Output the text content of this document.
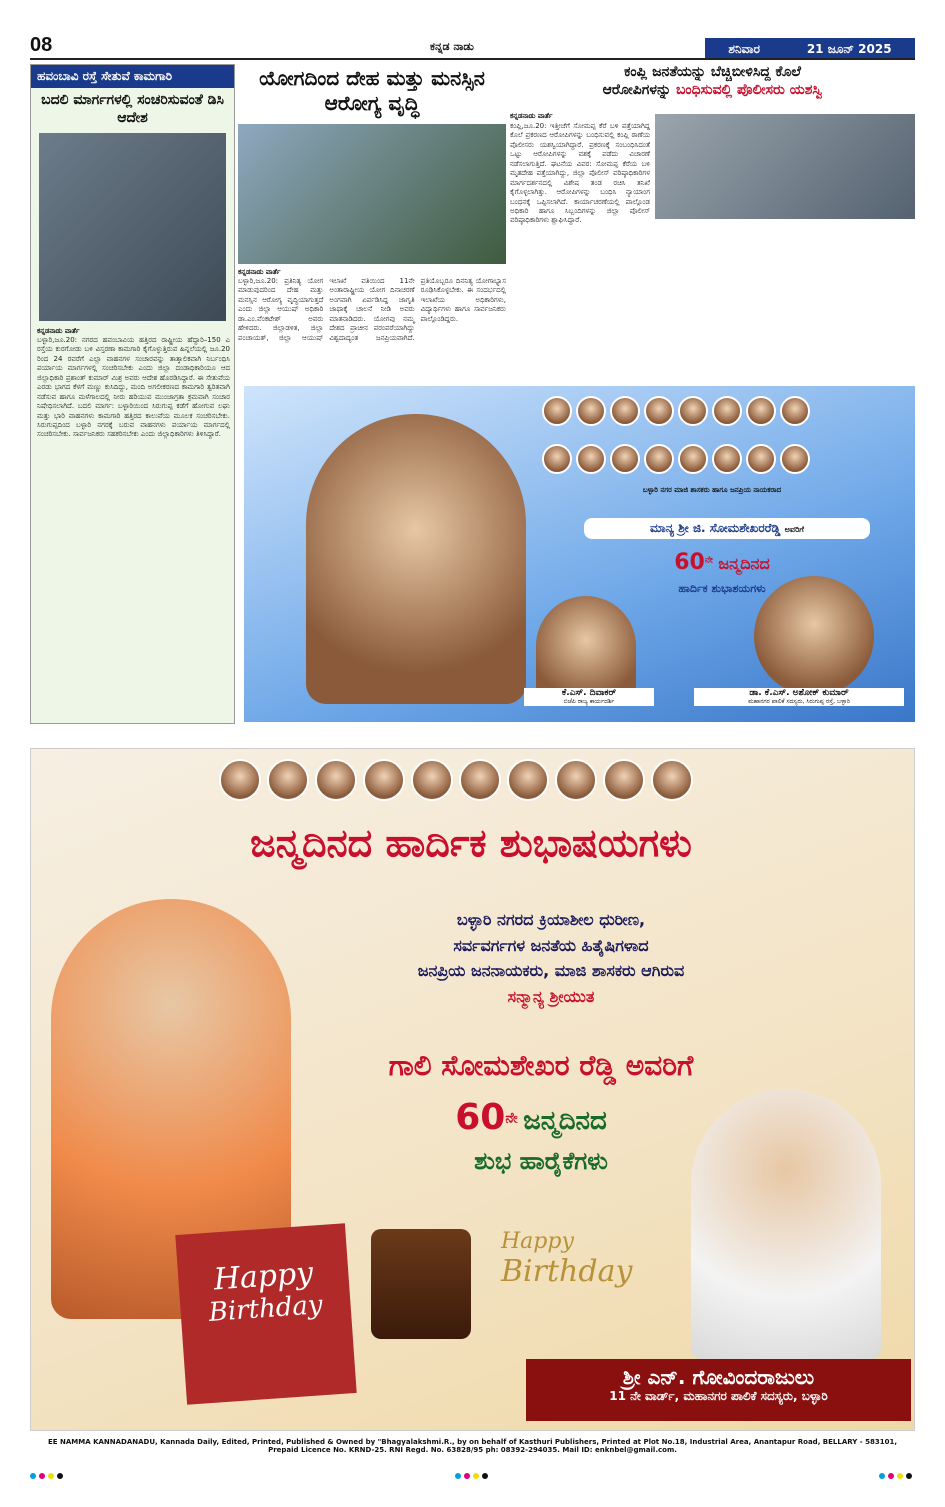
08	ಕನ್ನಡ ನಾಡು	ಶನಿವಾರ	21 ಜೂನ್ 2025
ಹವಂಬಾವಿ ರಸ್ತೆ ಸೇತುವೆ ಕಾಮಗಾರಿ
ಬದಲಿ ಮಾರ್ಗಗಳಲ್ಲಿ ಸಂಚರಿಸುವಂತೆ ಡಿಸಿ ಆದೇಶ
ಕನ್ನಡನಾಡು ವಾರ್ತೆ
ಬಳ್ಳಾರಿ,ಜೂ.20: ನಗರದ ಹವಂಬಾವಿಯ ಹತ್ತಿರದ ರಾಷ್ಟ್ರೀಯ ಹೆದ್ದಾರಿ–150 ಎ ರಸ್ತೆಯ ಕುರಗೋಡು ಬಳಿ ವಿಸ್ತರಣಾ ಕಾಮಗಾರಿ ಕೈಗೊಳ್ಳುತ್ತಿರುವ ಹಿನ್ನಲೆಯಲ್ಲಿ ಜೂ.20 ರಿಂದ 24 ರವರೆಗೆ ಎಲ್ಲಾ ವಾಹನಗಳ ಸಂಚಾರವನ್ನು ತಾತ್ಕಾಲಿಕವಾಗಿ ನಿರ್ಬಂಧಿಸಿ ಪರ್ಯಾಯ ಮಾರ್ಗಗಳಲ್ಲಿ ಸಂಚರಿಸಬೇಕು ಎಂದು ಜಿಲ್ಲಾ ದಂಡಾಧಿಕಾರಿಯೂ ಆದ ಜಿಲ್ಲಾಧಿಕಾರಿ ಪ್ರಶಾಂತ್ ಕುಮಾರ್ ಮಿಶ್ರ ಅವರು ಆದೇಶ ಹೊರಡಿಸಿದ್ದಾರೆ. ಈ ಸೇತುವೆಯ ಎರಡು ಭಾಗದ ಕೆಳಗೆ ಮಣ್ಣು ಕುಸಿದಿದ್ದು, ಮಂದಿ ಅಗಲೀಕರಣದ ಕಾಮಗಾರಿ ತ್ವರಿತವಾಗಿ ನಡೆಸುವ ಹಾಗೂ ಮಳೆಗಾಲದಲ್ಲಿ ನೀರು ಹರಿಯುವ ಮುಂಜಾಗ್ರತಾ ಕ್ರಮವಾಗಿ ಸಂಚಾರ ನಿಷೇಧಿಸಲಾಗಿದೆ. ಬದಲಿ ಮಾರ್ಗ: ಬಳ್ಳಾರಿಯಿಂದ ಸಿರುಗುಪ್ಪ ಕಡೆಗೆ ಹೋಗುವ ಲಘು ಮತ್ತು ಭಾರಿ ವಾಹನಗಳು ಕಾಮಗಾರಿ ಹತ್ತಿರದ ಕಾಲುವೆಯ ಮೂಲಕ ಸಂಚರಿಸಬೇಕು. ಸಿರುಗುಪ್ಪದಿಂದ ಬಳ್ಳಾರಿ ನಗರಕ್ಕೆ ಬರುವ ವಾಹನಗಳು ಪರ್ಯಾಯ ಮಾರ್ಗದಲ್ಲಿ ಸಂಚರಿಸಬೇಕು. ಸಾರ್ವಜನಿಕರು ಸಹಕರಿಸಬೇಕು ಎಂದು ಜಿಲ್ಲಾಧಿಕಾರಿಗಳು ತಿಳಿಸಿದ್ದಾರೆ.
ಯೋಗದಿಂದ ದೇಹ ಮತ್ತು ಮನಸ್ಸಿನ ಆರೋಗ್ಯ ವೃದ್ಧಿ
ಕನ್ನಡನಾಡು ವಾರ್ತೆ
ಬಳ್ಳಾರಿ,ಜೂ.20: ಪ್ರತಿನಿತ್ಯ ಯೋಗ ಮಾಡುವುದರಿಂದ ದೇಹ ಮತ್ತು ಮನಸ್ಸಿನ ಆರೋಗ್ಯ ವೃದ್ಧಿಯಾಗುತ್ತದೆ ಎಂದು ಜಿಲ್ಲಾ ಆಯುಷ್ ಅಧಿಕಾರಿ ಡಾ.ಎಂ.ವೆಂಕಟೇಶ್ ಅವರು ಹೇಳಿದರು. ಜಿಲ್ಲಾಡಳಿತ, ಜಿಲ್ಲಾ ಪಂಚಾಯತ್, ಜಿಲ್ಲಾ ಆಯುಷ್ ಇಲಾಖೆ ವತಿಯಿಂದ 11ನೇ ಅಂತಾರಾಷ್ಟ್ರೀಯ ಯೋಗ ದಿನಾಚರಣೆ ಅಂಗವಾಗಿ ಏರ್ಪಡಿಸಿದ್ದ ಜಾಗೃತಿ ಜಾಥಾಕ್ಕೆ ಚಾಲನೆ ನೀಡಿ ಅವರು ಮಾತನಾಡಿದರು. ಯೋಗವು ನಮ್ಮ ದೇಶದ ಪ್ರಾಚೀನ ಪರಂಪರೆಯಾಗಿದ್ದು ವಿಶ್ವದಾದ್ಯಂತ ಜನಪ್ರಿಯವಾಗಿದೆ. ಪ್ರತಿಯೊಬ್ಬರೂ ದಿನನಿತ್ಯ ಯೋಗಾಭ್ಯಾಸ ರೂಢಿಸಿಕೊಳ್ಳಬೇಕು. ಈ ಸಂದರ್ಭದಲ್ಲಿ ಇಲಾಖೆಯ ಅಧಿಕಾರಿಗಳು, ವಿದ್ಯಾರ್ಥಿಗಳು ಹಾಗೂ ಸಾರ್ವಜನಿಕರು ಪಾಲ್ಗೊಂಡಿದ್ದರು.
ಕಂಪ್ಲಿ ಜನತೆಯನ್ನು ಬೆಚ್ಚಿಬೀಳಿಸಿದ್ದ ಕೊಲೆ
ಆರೋಪಿಗಳನ್ನು ಬಂಧಿಸುವಲ್ಲಿ ಪೊಲೀಸರು ಯಶಸ್ವಿ
ಕನ್ನಡನಾಡು ವಾರ್ತೆ
ಕಂಪ್ಲಿ,ಜೂ.20: ಇತ್ತೀಚೆಗೆ ಸೋಮಪ್ಪ ಕೆರೆ ಬಳಿ ಪತ್ತೆಯಾಗಿದ್ದ ಕೊಲೆ ಪ್ರಕರಣದ ಆರೋಪಿಗಳನ್ನು ಬಂಧಿಸುವಲ್ಲಿ ಕಂಪ್ಲಿ ಠಾಣೆಯ ಪೊಲೀಸರು ಯಶಸ್ವಿಯಾಗಿದ್ದಾರೆ. ಪ್ರಕರಣಕ್ಕೆ ಸಂಬಂಧಿಸಿದಂತೆ ಒಟ್ಟು ಆರೋಪಿಗಳನ್ನು ವಶಕ್ಕೆ ಪಡೆದು ವಿಚಾರಣೆ ನಡೆಸಲಾಗುತ್ತಿದೆ. ಘಟನೆಯ ವಿವರ: ಸೋಮಪ್ಪ ಕೆರೆಯ ಬಳಿ ಮೃತದೇಹ ಪತ್ತೆಯಾಗಿದ್ದು, ಜಿಲ್ಲಾ ಪೊಲೀಸ್ ವರಿಷ್ಠಾಧಿಕಾರಿಗಳ ಮಾರ್ಗದರ್ಶನದಲ್ಲಿ ವಿಶೇಷ ತಂಡ ರಚಿಸಿ ತನಿಖೆ ಕೈಗೊಳ್ಳಲಾಗಿತ್ತು. ಆರೋಪಿಗಳನ್ನು ಬಂಧಿಸಿ ನ್ಯಾಯಾಂಗ ಬಂಧನಕ್ಕೆ ಒಪ್ಪಿಸಲಾಗಿದೆ. ಕಾರ್ಯಾಚರಣೆಯಲ್ಲಿ ಪಾಲ್ಗೊಂಡ ಅಧಿಕಾರಿ ಹಾಗೂ ಸಿಬ್ಬಂದಿಗಳನ್ನು ಜಿಲ್ಲಾ ಪೊಲೀಸ್ ವರಿಷ್ಠಾಧಿಕಾರಿಗಳು ಶ್ಲಾಘಿಸಿದ್ದಾರೆ.
ಬಳ್ಳಾರಿ ನಗರ ಮಾಜಿ ಶಾಸಕರು ಹಾಗೂ ಜನಪ್ರಿಯ ನಾಯಕರಾದ
ಮಾನ್ಯ ಶ್ರೀ ಜಿ. ಸೋಮಶೇಖರರೆಡ್ಡಿ ಅವರಿಗೆ
$60^{ನೇ}$ ಜನ್ಮದಿನದ
ಹಾರ್ದಿಕ ಶುಭಾಶಯಗಳು
ಕೆ.ಎಸ್. ದಿವಾಕರ್
ಬಿಜೆಪಿ ರಾಜ್ಯ ಕಾರ್ಯದರ್ಶಿ
ಡಾ. ಕೆ.ಎಸ್. ಅಶೋಕ್ ಕುಮಾರ್
ಮಹಾನಗರ ಪಾಲಿಕೆ ಸದಸ್ಯರು, ಸಿರುಗುಪ್ಪ ರಸ್ತೆ, ಬಳ್ಳಾರಿ
ಜನ್ಮದಿನದ ಹಾರ್ದಿಕ ಶುಭಾಷಯಗಳು
ಬಳ್ಳಾರಿ ನಗರದ ಕ್ರಿಯಾಶೀಲ ಧುರೀಣ,
ಸರ್ವವರ್ಗಗಳ ಜನತೆಯ ಹಿತೈಷಿಗಳಾದ
ಜನಪ್ರಿಯ ಜನನಾಯಕರು, ಮಾಜಿ ಶಾಸಕರು ಆಗಿರುವ
ಸನ್ಮಾನ್ಯ ಶ್ರೀಯುತ
ಗಾಲಿ ಸೋಮಶೇಖರ ರೆಡ್ಡಿ ಅವರಿಗೆ
$60^{ನೇ}$ ಜನ್ಮದಿನದ
ಶುಭ ಹಾರೈಕೆಗಳು
Happy
Birthday
Happy
Birthday
ಶ್ರೀ ಎನ್. ಗೋವಿಂದರಾಜುಲು
11 ನೇ ವಾರ್ಡ್, ಮಹಾನಗರ ಪಾಲಿಕೆ ಸದಸ್ಯರು, ಬಳ್ಳಾರಿ
EE NAMMA KANNADANADU, Kannada Daily, Edited, Printed, Published & Owned by "Bhagyalakshmi.R., by on behalf of Kasthuri Publishers, Printed at Plot No.18, Industrial Area, Anantapur Road, BELLARY - 583101,
Prepaid Licence No. KRND-25. RNI Regd. No. 63828/95 ph: 08392-294035. Mail ID: enknbel@gmail.com.
